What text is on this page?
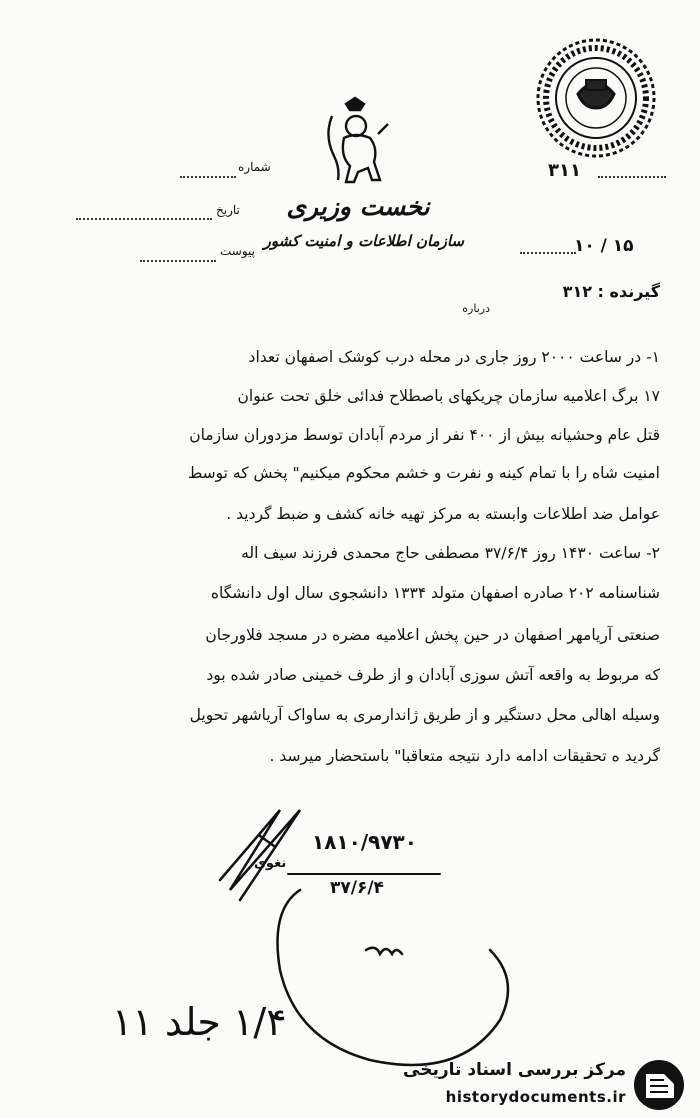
نخست وزیری
سازمان اطلاعات و امنیت کشور
شماره
تاریخ
پیوست
۳۱۱
۱۰ / ۱۵
گیرنده : ۳۱۲
درباره
۱- در ساعت ۲۰۰۰ روز جاری در محله درب کوشک اصفهان تعداد
۱۷ برگ اعلامیه سازمان چریکهای باصطلاح فدائی خلق تحت عنوان
قتل عام وحشیانه بیش از ۴۰۰ نفر از مردم آبادان توسط مزدوران سازمان
امنیت شاه را با تمام کینه و نفرت و خشم محکوم میکنیم" پخش که توسط
عوامل ضد اطلاعات وابسته به مرکز تهیه خانه کشف و ضبط گردید .
۲- ساعت ۱۴۳۰ روز ۳۷/۶/۴ مصطفی حاج محمدی فرزند سیف اله
شناسنامه ۲۰۲ صادره اصفهان متولد ۱۳۳۴ دانشجوی سال اول دانشگاه
صنعتی آریامهر اصفهان در حین پخش اعلامیه مضره در مسجد فلاورجان
که مربوط به واقعه آتش سوزی آبادان و از طرف خمینی صادر شده بود
وسیله اهالی محل دستگیر و از طریق ژاندارمری به ساواک آریاشهر تحویل
گردید ه تحقیقات ادامه دارد نتیجه متعاقبا" باستحضار میرسد .
۱۸۱۰/۹۷۳۰
نغوی
۳۷/۶/۴
۱/۴ جلد ۱۱
مرکز بررسی اسناد تاریخی
historydocuments.ir
